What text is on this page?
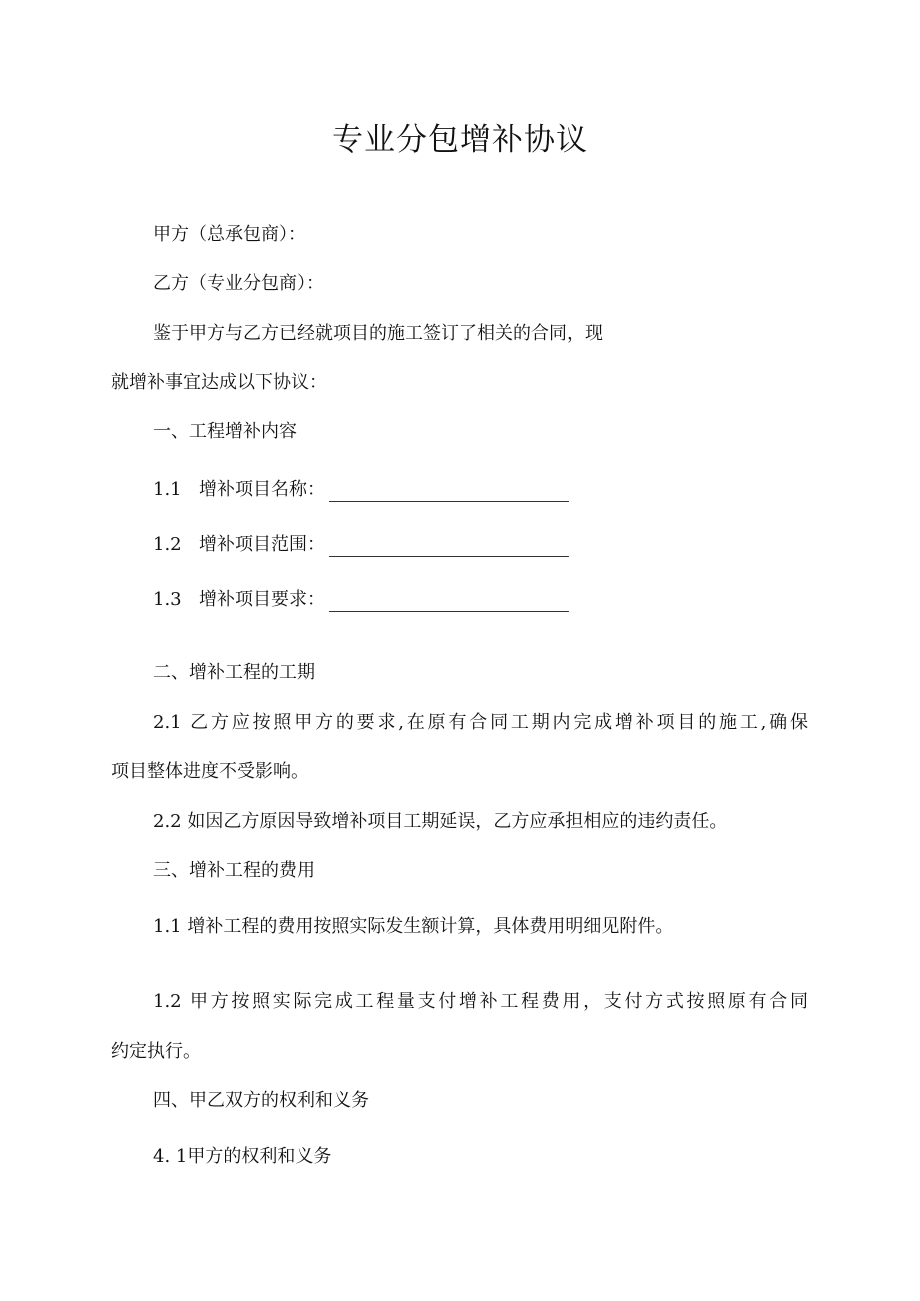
专业分包增补协议
甲方（总承包商）：
乙方（专业分包商）：
鉴于甲方与乙方已经就项目的施工签订了相关的合同，现
就增补事宜达成以下协议：
一、工程增补内容
1.1 增补项目名称：
1.2 增补项目范围：
1.3 增补项目要求：
二、增补工程的工期
2.1 乙方应按照甲方的要求,在原有合同工期内完成增补项目的施工,确保
项目整体进度不受影响。
2.2 如因乙方原因导致增补项目工期延误，乙方应承担相应的违约责任。
三、增补工程的费用
1.1 增补工程的费用按照实际发生额计算，具体费用明细见附件。
1.2 甲方按照实际完成工程量支付增补工程费用，支付方式按照原有合同
约定执行。
四、甲乙双方的权利和义务
4. 1甲方的权利和义务
